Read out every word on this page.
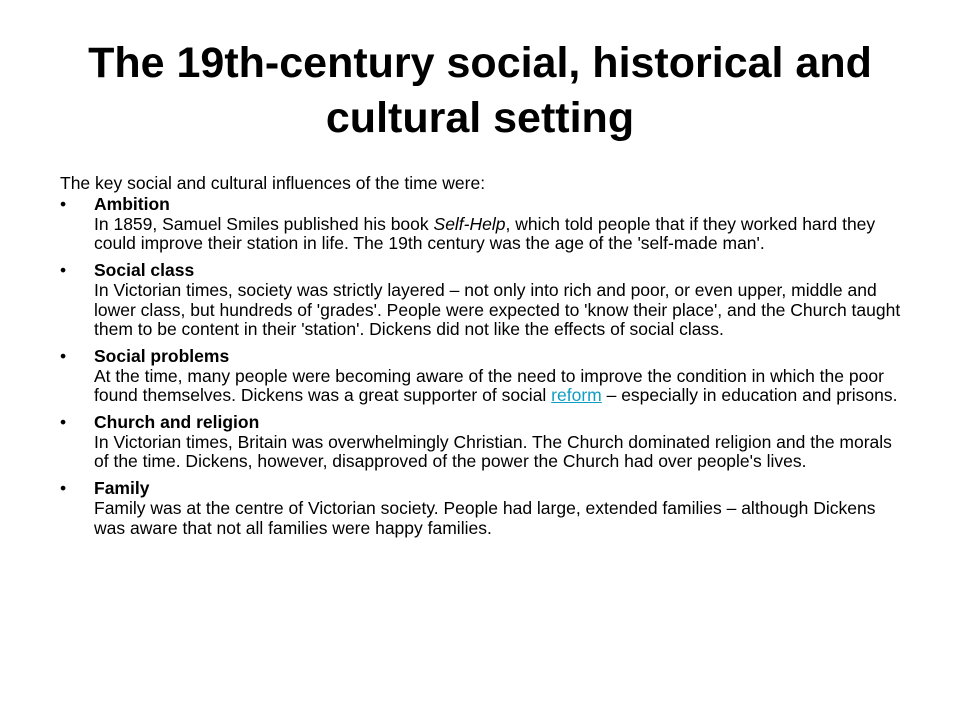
The 19th-century social, historical and cultural setting

The key social and cultural influences of the time were:

• Ambition
In 1859, Samuel Smiles published his book Self-Help, which told people that if they worked hard they could improve their station in life. The 19th century was the age of the 'self-made man'.
• Social class
In Victorian times, society was strictly layered – not only into rich and poor, or even upper, middle and lower class, but hundreds of 'grades'. People were expected to 'know their place', and the Church taught them to be content in their 'station'. Dickens did not like the effects of social class.
• Social problems
At the time, many people were becoming aware of the need to improve the condition in which the poor found themselves. Dickens was a great supporter of social reform – especially in education and prisons.
• Church and religion
In Victorian times, Britain was overwhelmingly Christian. The Church dominated religion and the morals of the time. Dickens, however, disapproved of the power the Church had over people's lives.
• Family
Family was at the centre of Victorian society. People had large, extended families – although Dickens was aware that not all families were happy families.
